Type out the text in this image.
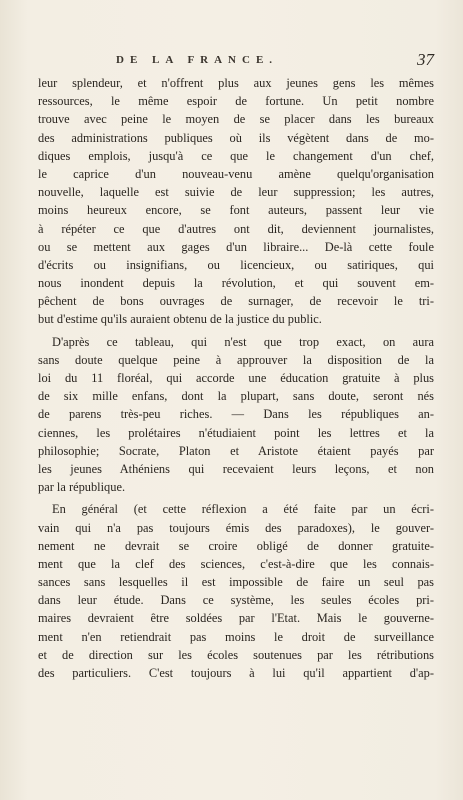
DE LA FRANCE.	37
leur splendeur, et n'offrent plus aux jeunes gens les mêmes
ressources, le même espoir de fortune. Un petit nombre
trouve avec peine le moyen de se placer dans les bureaux
des administrations publiques où ils végètent dans de mo-
diques emplois, jusqu'à ce que le changement d'un chef,
le caprice d'un nouveau-venu amène quelqu'organisation
nouvelle, laquelle est suivie de leur suppression; les autres,
moins heureux encore, se font auteurs, passent leur vie
à répéter ce que d'autres ont dit, deviennent journalistes,
ou se mettent aux gages d'un libraire... De-là cette foule
d'écrits ou insignifians, ou licencieux, ou satiriques, qui
nous inondent depuis la révolution, et qui souvent em-
pêchent de bons ouvrages de surnager, de recevoir le tri-
but d'estime qu'ils auraient obtenu de la justice du public.
D'après ce tableau, qui n'est que trop exact, on aura
sans doute quelque peine à approuver la disposition de la
loi du 11 floréal, qui accorde une éducation gratuite à plus
de six mille enfans, dont la plupart, sans doute, seront nés
de parens très-peu riches. — Dans les républiques an-
ciennes, les prolétaires n'étudiaient point les lettres et la
philosophie; Socrate, Platon et Aristote étaient payés par
les jeunes Athéniens qui recevaient leurs leçons, et non
par la république.
En général (et cette réflexion a été faite par un écri-
vain qui n'a pas toujours émis des paradoxes), le gouver-
nement ne devrait se croire obligé de donner gratuite-
ment que la clef des sciences, c'est-à-dire que les connais-
sances sans lesquelles il est impossible de faire un seul pas
dans leur étude. Dans ce système, les seules écoles pri-
maires devraient être soldées par l'Etat. Mais le gouverne-
ment n'en retiendrait pas moins le droit de surveillance
et de direction sur les écoles soutenues par les rétributions
des particuliers. C'est toujours à lui qu'il appartient d'ap-
